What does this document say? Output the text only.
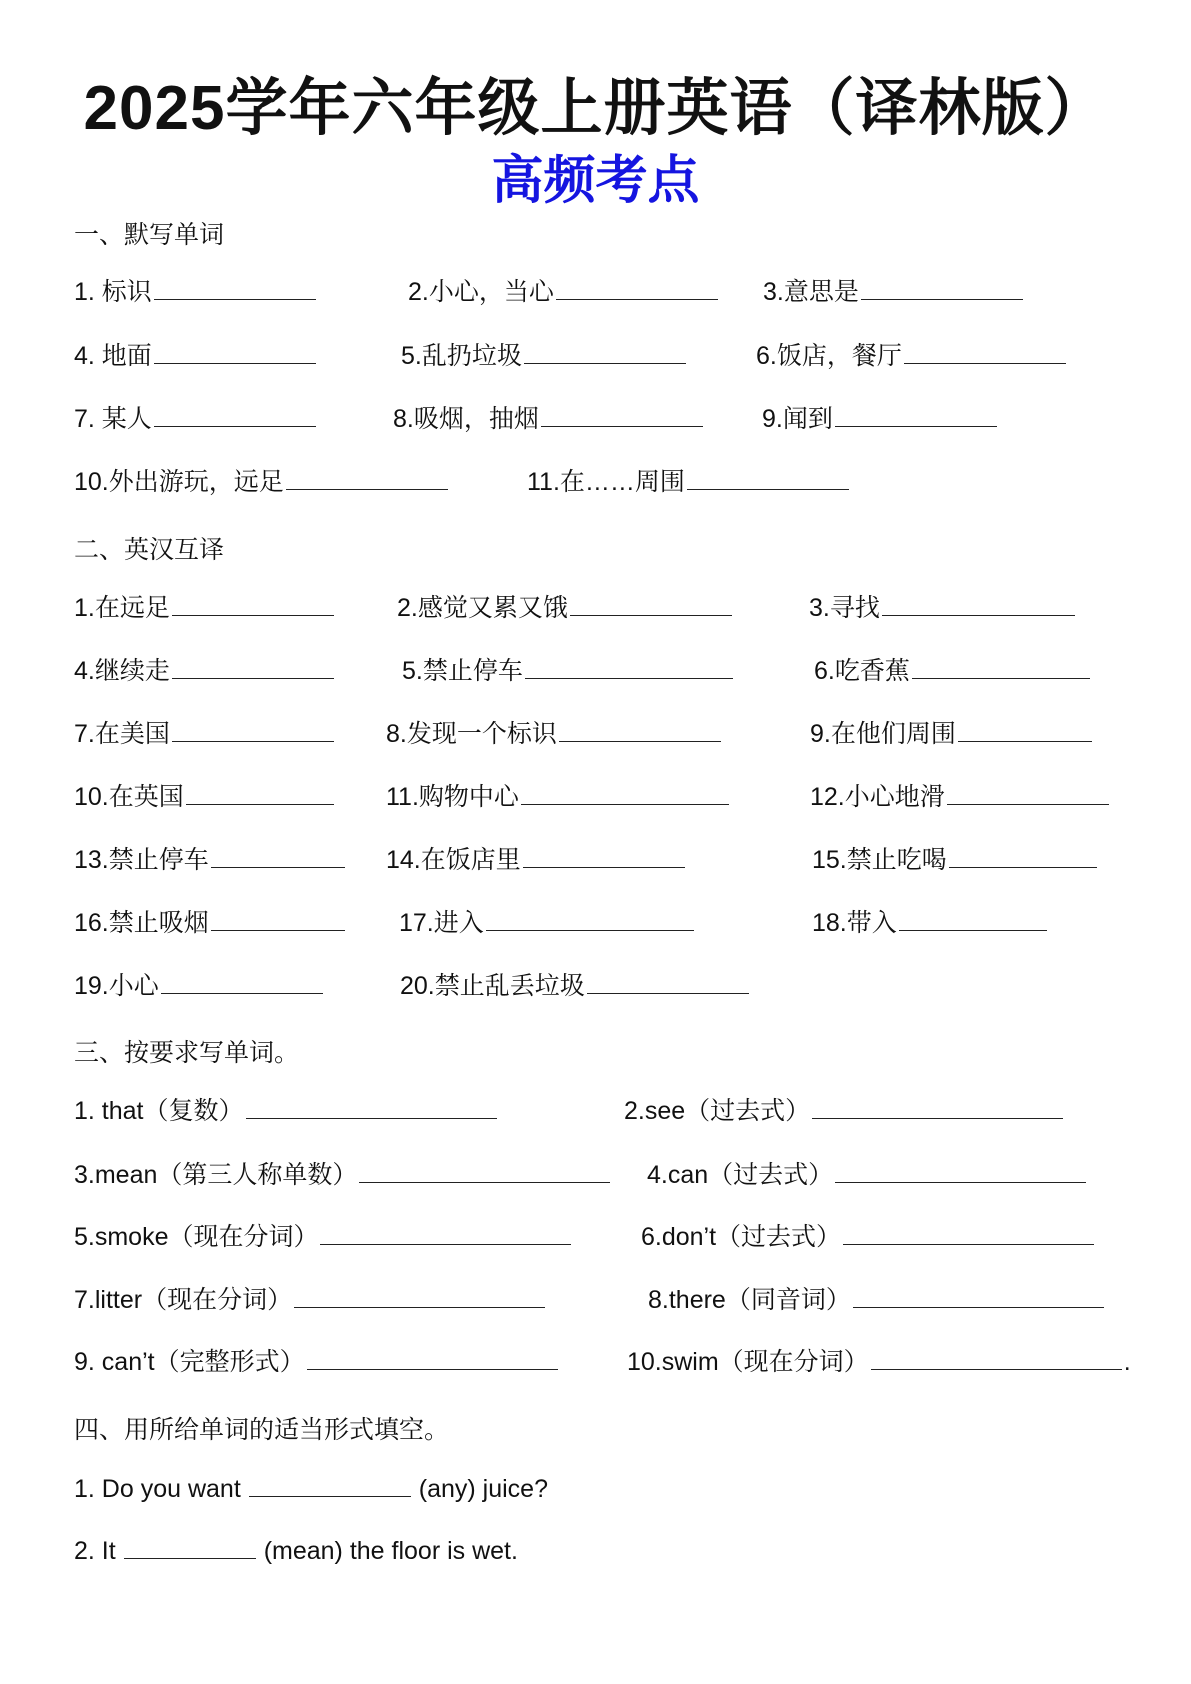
2025学年六年级上册英语（译林版）
高频考点
一、默写单词
二、英汉互译
三、按要求写单词。
四、用所给单词的适当形式填空。
1. 标识	2.小心，当心	3.意思是
4. 地面	5.乱扔垃圾	6.饭店，餐厅
7. 某人	8.吸烟，抽烟	9.闻到
10.外出游玩，远足	11.在……周围
1.在远足	2.感觉又累又饿	3.寻找
4.继续走	5.禁止停车	6.吃香蕉
7.在美国	8.发现一个标识	9.在他们周围
10.在英国	11.购物中心	12.小心地滑
13.禁止停车	14.在饭店里	15.禁止吃喝
16.禁止吸烟	17.进入	18.带入
19.小心	20.禁止乱丢垃圾
1. that（复数）	2.see（过去式）
3.mean（第三人称单数）	4.can（过去式）
5.smoke（现在分词）	6.don’t（过去式）
7.litter（现在分词）	8.there（同音词）
9. can’t（完整形式）	10.swim（现在分词）	.
1. Do you want	(any) juice?
2. It	(mean) the floor is wet.
